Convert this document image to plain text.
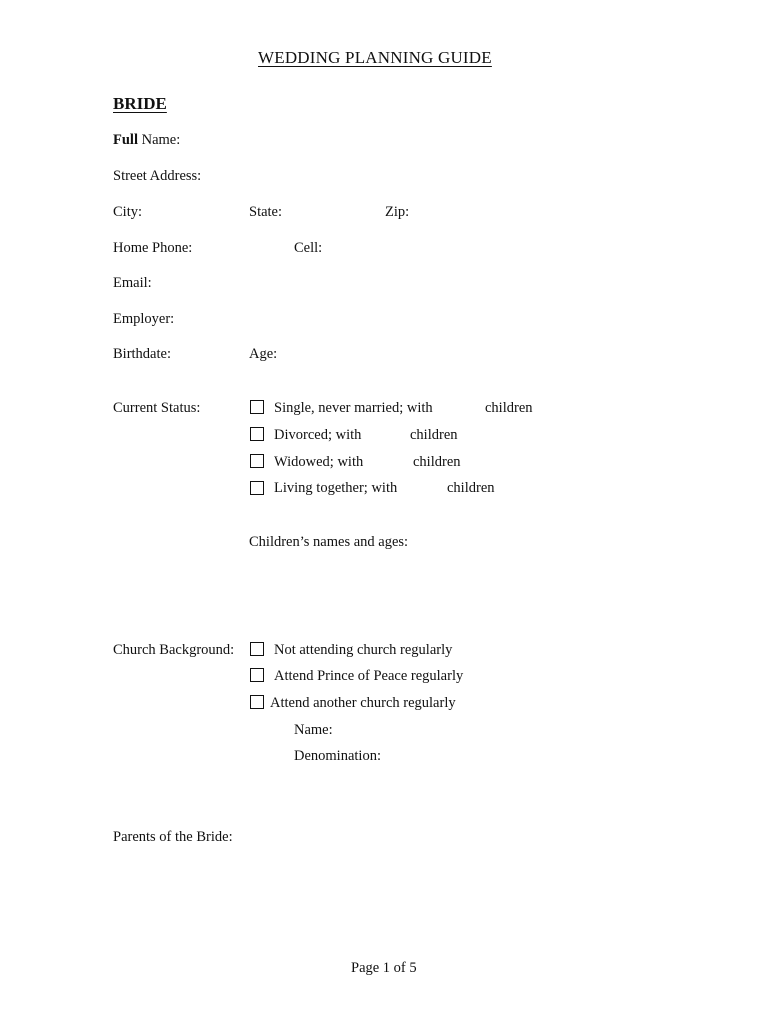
WEDDING PLANNING GUIDE
BRIDE
Full Name:
Street Address:
City:	State:	Zip:
Home Phone:	Cell:
Email:
Employer:
Birthdate:	Age:
Current Status:	Single, never married; with	children
Divorced; with	children
Widowed; with	children
Living together; with	children
Children’s names and ages:
Church Background:	Not attending church regularly
Attend Prince of Peace regularly
Attend another church regularly
Name:
Denomination:
Parents of the Bride:
Page 1 of 5
